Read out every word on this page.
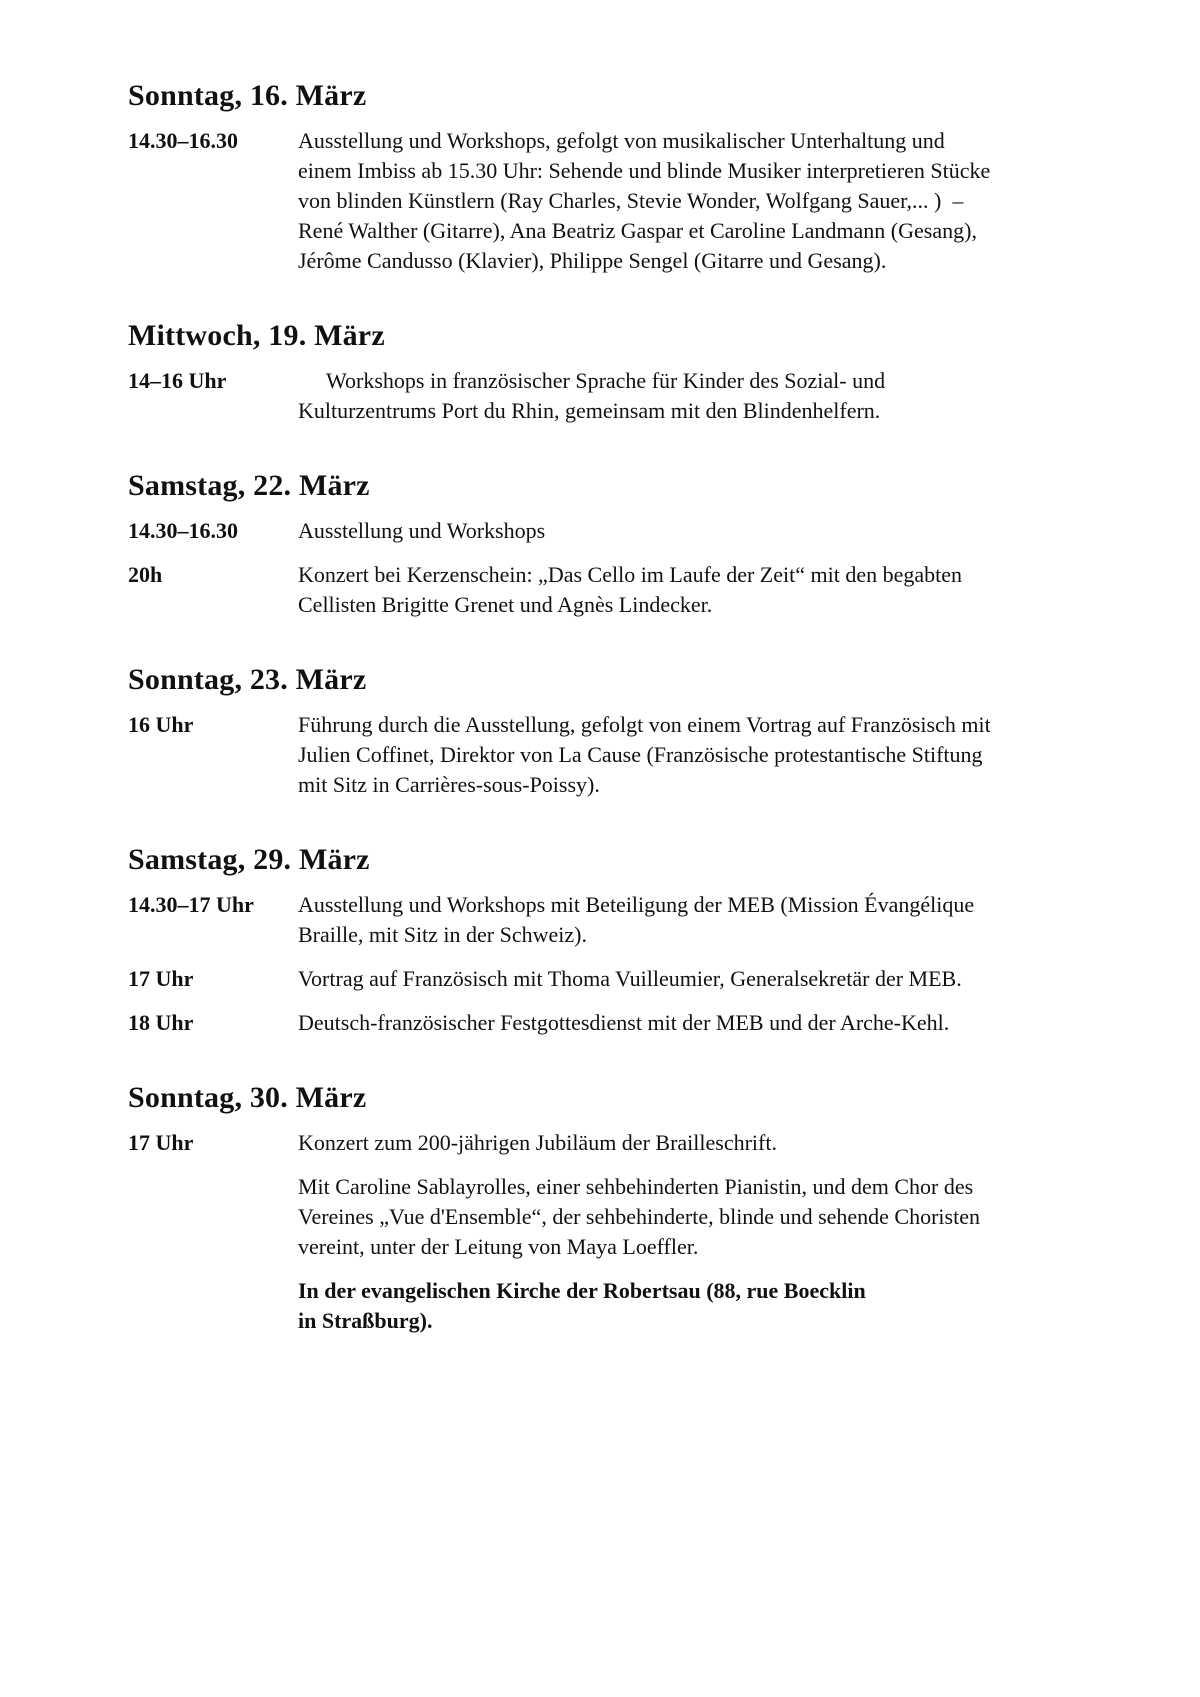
Sonntag, 16. März
14.30–16.30	Ausstellung und Workshops, gefolgt von musikalischer Unterhaltung und einem Imbiss ab 15.30 Uhr: Sehende und blinde Musiker interpretieren Stücke von blinden Künstlern (Ray Charles, Stevie Wonder, Wolfgang Sauer,... )  – René Walther (Gitarre), Ana Beatriz Gaspar et Caroline Landmann (Gesang), Jérôme Candusso (Klavier), Philippe Sengel (Gitarre und Gesang).

Mittwoch, 19. März
14–16 Uhr	Workshops in französischer Sprache für Kinder des Sozial- und Kulturzentrums Port du Rhin, gemeinsam mit den Blindenhelfern.

Samstag, 22. März
14.30–16.30	Ausstellung und Workshops

20h	Konzert bei Kerzenschein: „Das Cello im Laufe der Zeit“ mit den begabten Cellisten Brigitte Grenet und Agnès Lindecker.

Sonntag, 23. März
16 Uhr	Führung durch die Ausstellung, gefolgt von einem Vortrag auf Französisch mit Julien Coffinet, Direktor von La Cause (Französische protestantische Stiftung mit Sitz in Carrières-sous-Poissy).

Samstag, 29. März
14.30–17 Uhr	Ausstellung und Workshops mit Beteiligung der MEB (Mission Évangélique Braille, mit Sitz in der Schweiz).

17 Uhr	Vortrag auf Französisch mit Thoma Vuilleumier, Generalsekretär der MEB.

18 Uhr	Deutsch-französischer Festgottesdienst mit der MEB und der Arche-Kehl.

Sonntag, 30. März
17 Uhr	Konzert zum 200-jährigen Jubiläum der Brailleschrift.

Mit Caroline Sablayrolles, einer sehbehinderten Pianistin, und dem Chor des Vereines „Vue d'Ensemble“, der sehbehinderte, blinde und sehende Choristen vereint, unter der Leitung von Maya Loeffler.

In der evangelischen Kirche der Robertsau (88, rue Boecklin in Straßburg).
